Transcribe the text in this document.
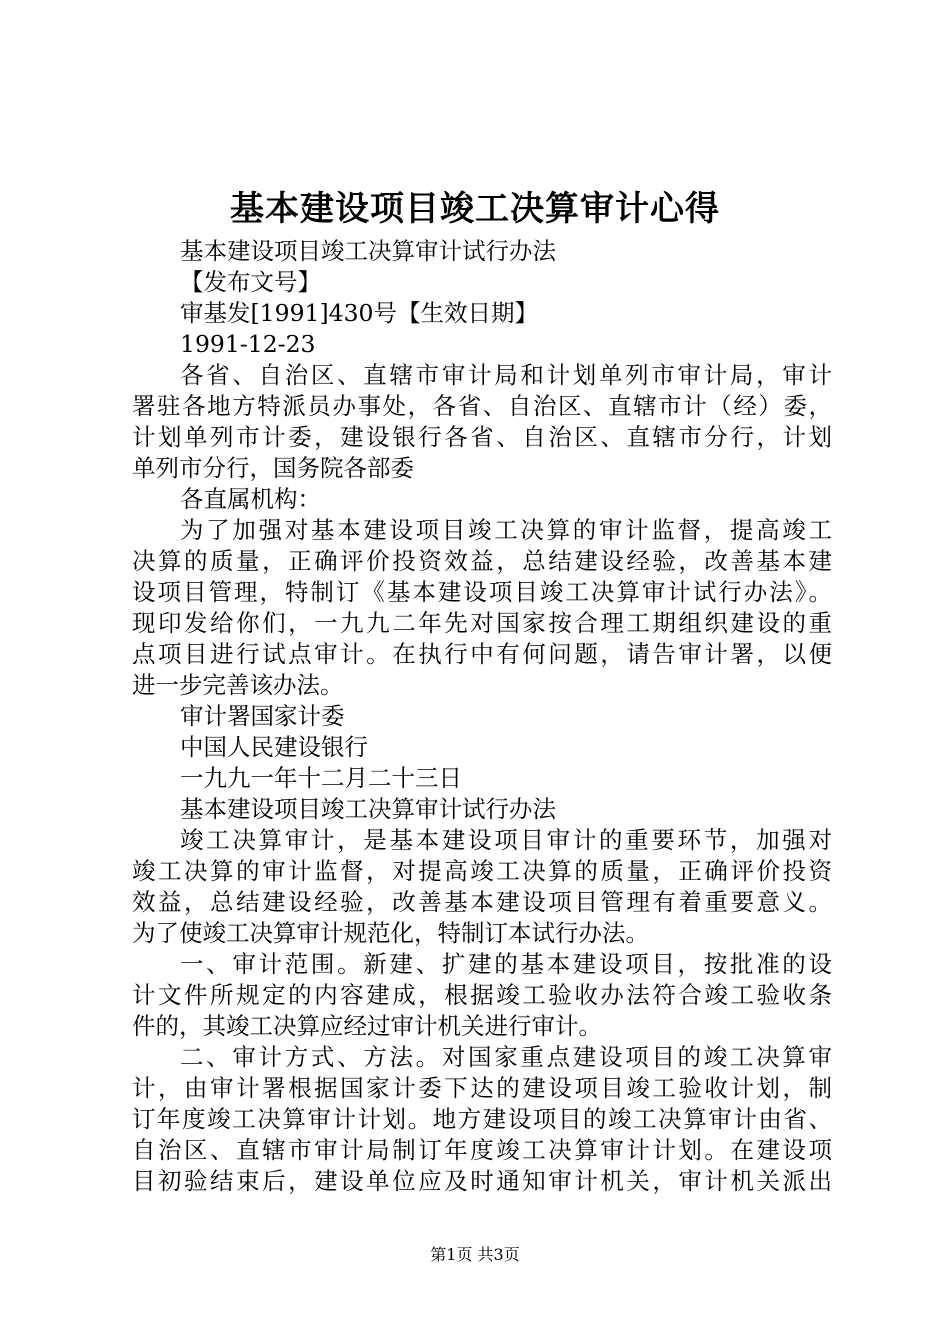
基本建设项目竣工决算审计心得
基本建设项目竣工决算审计试行办法
【发布文号】
审基发[1991]430号【生效日期】
1991-12-23
各省、自治区、直辖市审计局和计划单列市审计局，审计
署驻各地方特派员办事处，各省、自治区、直辖市计（经）委，
计划单列市计委，建设银行各省、自治区、直辖市分行，计划
单列市分行，国务院各部委
各直属机构：
为了加强对基本建设项目竣工决算的审计监督，提高竣工
决算的质量，正确评价投资效益，总结建设经验，改善基本建
设项目管理，特制订《基本建设项目竣工决算审计试行办法》。
现印发给你们，一九九二年先对国家按合理工期组织建设的重
点项目进行试点审计。在执行中有何问题，请告审计署，以便
进一步完善该办法。
审计署国家计委
中国人民建设银行
一九九一年十二月二十三日
基本建设项目竣工决算审计试行办法
竣工决算审计，是基本建设项目审计的重要环节，加强对
竣工决算的审计监督，对提高竣工决算的质量，正确评价投资
效益，总结建设经验，改善基本建设项目管理有着重要意义。
为了使竣工决算审计规范化，特制订本试行办法。
一、审计范围。新建、扩建的基本建设项目，按批准的设
计文件所规定的内容建成，根据竣工验收办法符合竣工验收条
件的，其竣工决算应经过审计机关进行审计。
二、审计方式、方法。对国家重点建设项目的竣工决算审
计，由审计署根据国家计委下达的建设项目竣工验收计划，制
订年度竣工决算审计计划。地方建设项目的竣工决算审计由省、
自治区、直辖市审计局制订年度竣工决算审计计划。在建设项
目初验结束后，建设单位应及时通知审计机关，审计机关派出
第1页 共3页
